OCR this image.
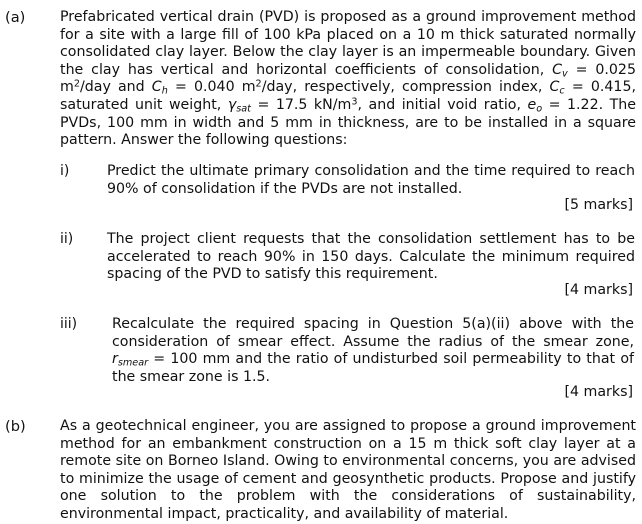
(a) Prefabricated vertical drain (PVD) is proposed as a ground improvement method for a site with a large fill of 100 kPa placed on a 10 m thick saturated normally consolidated clay layer. Below the clay layer is an impermeable boundary. Given the clay has vertical and horizontal coefficients of consolidation, $C_v = 0.025$ $m^2$/day and $C_h = 0.040$ $m^2$/day, respectively, compression index, $C_c = 0.415$, saturated unit weight, $\gamma_{sat} = 17.5$ $kN/m^3$, and initial void ratio, $e_o = 1.22$. The PVDs, 100 mm in width and 5 mm in thickness, are to be installed in a square pattern. Answer the following questions:

i)	Predict the ultimate primary consolidation and the time required to reach 90% of consolidation if the PVDs are not installed.

[5 marks]
ii) The project client requests that the consolidation settlement has to be accelerated to reach 90% in 150 days. Calculate the minimum required spacing of the PVD to satisfy this requirement.

[4 marks]
iii) Recalculate the required spacing in Question 5(a)(ii) above with the consideration of smear effect. Assume the radius of the smear zone, $r_{smear} = 100$ mm and the ratio of undisturbed soil permeability to that of the smear zone is 1.5.

[4 marks]
(b) As a geotechnical engineer, you are assigned to propose a ground improvement method for an embankment construction on a 15 m thick soft clay layer at a remote site on Borneo Island. Owing to environmental concerns, you are advised to minimize the usage of cement and geosynthetic products. Propose and justify one solution to the problem with the considerations of sustainability, environmental impact, practicality, and availability of material.
